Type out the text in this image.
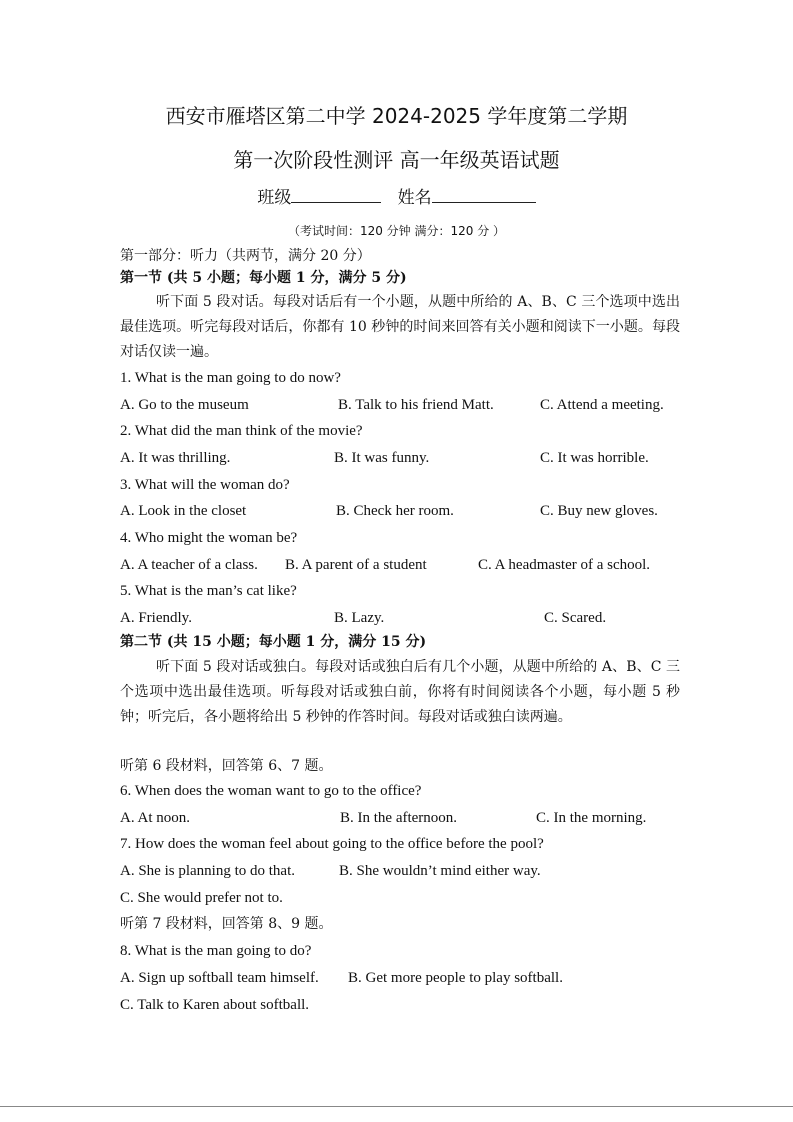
西安市雁塔区第二中学 2024-2025 学年度第二学期
第一次阶段性测评 高一年级英语试题
班级	姓名
（考试时间：120 分钟 满分：120 分 ）
第一部分：听力（共两节，满分 20 分）
第一节 (共 5 小题；每小题 1 分，满分 5 分)
听下面 5 段对话。每段对话后有一个小题，从题中所给的 A、B、C 三个选项中选出最佳选项。听完每段对话后，你都有 10 秒钟的时间来回答有关小题和阅读下一小题。每段对话仅读一遍。
1. What is the man going to do now?
A. Go to the museum	B. Talk to his friend Matt.	C. Attend a meeting.
2. What did the man think of the movie?
A. It was thrilling.	B. It was funny.	C. It was horrible.
3. What will the woman do?
A. Look in the closet	B. Check her room.	C. Buy new gloves.
4. Who might the woman be?
A. A teacher of a class. B. A parent of a student	C. A headmaster of a school.
5. What is the man’s cat like?
A. Friendly.	B. Lazy.	C. Scared.
第二节 (共 15 小题；每小题 1 分，满分 15 分)
听下面 5 段对话或独白。每段对话或独白后有几个小题，从题中所给的 A、B、C 三个选项中选出最佳选项。听每段对话或独白前，你将有时间阅读各个小题，每小题 5 秒钟；听完后，各小题将给出 5 秒钟的作答时间。每段对话或独白读两遍。
听第 6 段材料，回答第 6、7 题。
6. When does the woman want to go to the office?
A. At noon.	B. In the afternoon.	C. In the morning.
7. How does the woman feel about going to the office before the pool?
A. She is planning to do that.	B. She wouldn’t mind either way.
C. She would prefer not to.
听第 7 段材料，回答第 8、9 题。
8. What is the man going to do?
A. Sign up softball team himself. B. Get more people to play softball.
C. Talk to Karen about softball.
